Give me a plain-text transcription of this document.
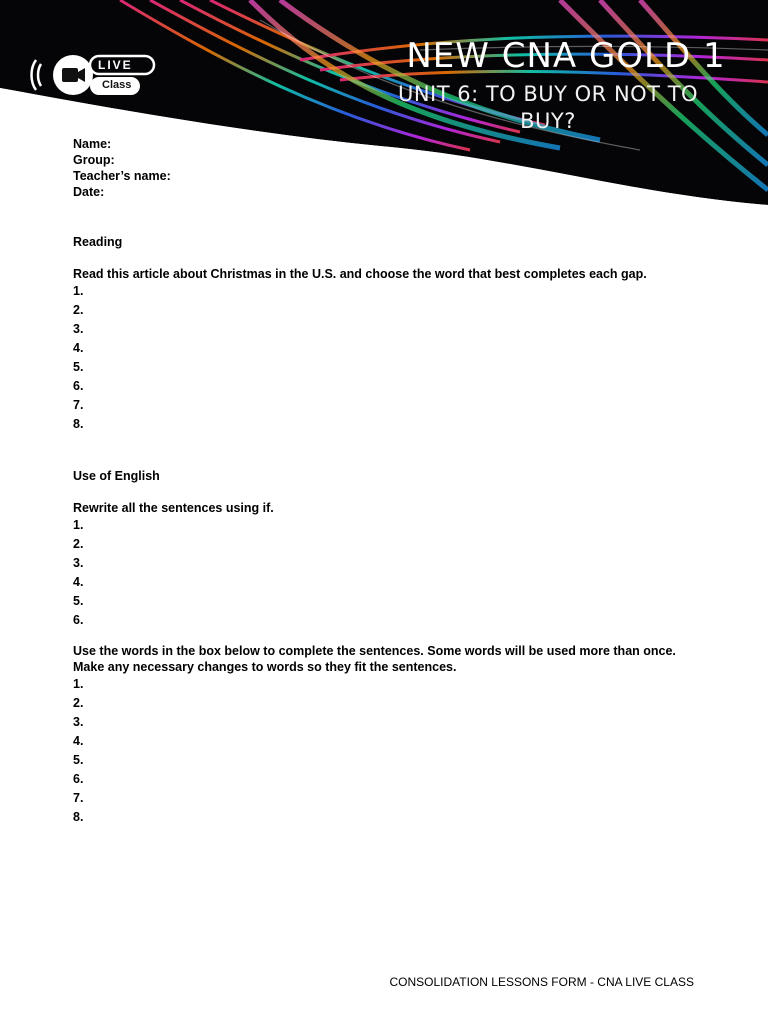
LIVE
Class
NEW CNA GOLD 1
UNIT 6: TO BUY OR NOT TO BUY?
Name:
Group:
Teacher’s name:
Date:
Reading
Read this article about Christmas in the U.S. and choose the word that best completes each gap.
1.
2.
3.
4.
5.
6.
7.
8.
Use of English
Rewrite all the sentences using if.
1.
2.
3.
4.
5.
6.
Use the words in the box below to complete the sentences. Some words will be used more than once.
Make any necessary changes to words so they fit the sentences.
1.
2.
3.
4.
5.
6.
7.
8.
CONSOLIDATION LESSONS FORM - CNA LIVE CLASS
